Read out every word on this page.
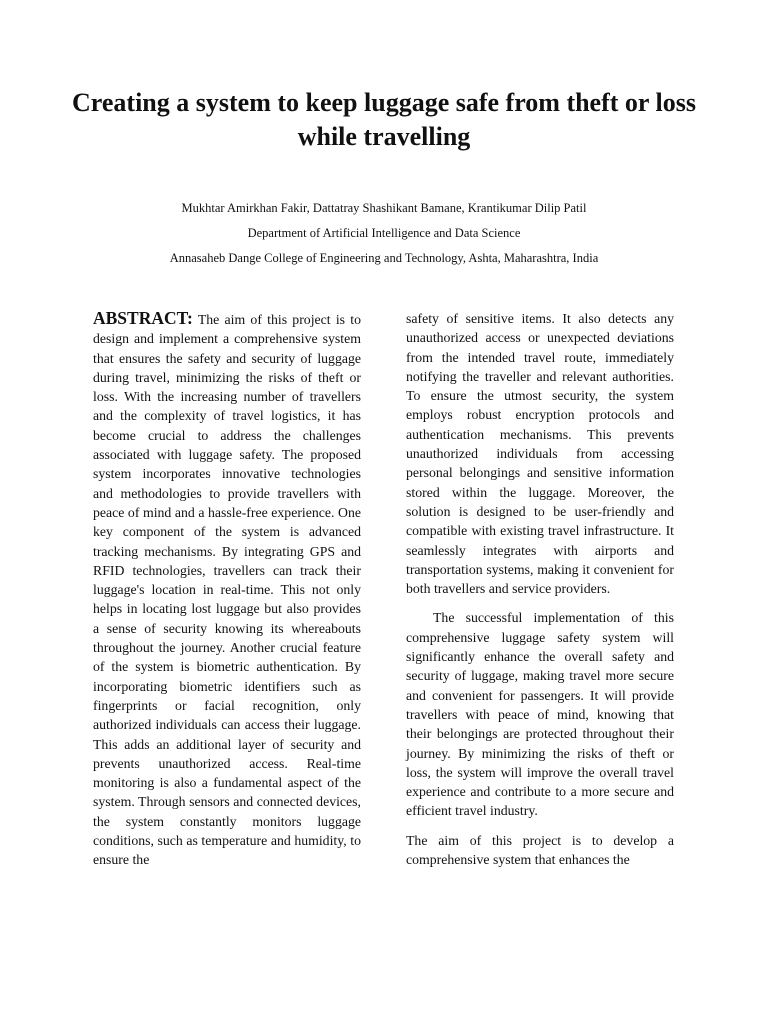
Creating a system to keep luggage safe from theft or loss while travelling

Mukhtar Amirkhan Fakir, Dattatray Shashikant Bamane, Krantikumar Dilip Patil

Department of Artificial Intelligence and Data Science

Annasaheb Dange College of Engineering and Technology, Ashta, Maharashtra, India

ABSTRACT: The aim of this project is to design and implement a comprehensive system that ensures the safety and security of luggage during travel, minimizing the risks of theft or loss. With the increasing number of travellers and the complexity of travel logistics, it has become crucial to address the challenges associated with luggage safety. The proposed system incorporates innovative technologies and methodologies to provide travellers with peace of mind and a hassle-free experience. One key component of the system is advanced tracking mechanisms. By integrating GPS and RFID technologies, travellers can track their luggage's location in real-time. This not only helps in locating lost luggage but also provides a sense of security knowing its whereabouts throughout the journey. Another crucial feature of the system is biometric authentication. By incorporating biometric identifiers such as fingerprints or facial recognition, only authorized individuals can access their luggage. This adds an additional layer of security and prevents unauthorized access. Real-time monitoring is also a fundamental aspect of the system. Through sensors and connected devices, the system constantly monitors luggage conditions, such as temperature and humidity, to ensure the

safety of sensitive items. It also detects any unauthorized access or unexpected deviations from the intended travel route, immediately notifying the traveller and relevant authorities. To ensure the utmost security, the system employs robust encryption protocols and authentication mechanisms. This prevents unauthorized individuals from accessing personal belongings and sensitive information stored within the luggage. Moreover, the solution is designed to be user-friendly and compatible with existing travel infrastructure. It seamlessly integrates with airports and transportation systems, making it convenient for both travellers and service providers.

The successful implementation of this comprehensive luggage safety system will significantly enhance the overall safety and security of luggage, making travel more secure and convenient for passengers. It will provide travellers with peace of mind, knowing that their belongings are protected throughout their journey. By minimizing the risks of theft or loss, the system will improve the overall travel experience and contribute to a more secure and efficient travel industry.

The aim of this project is to develop a comprehensive system that enhances the
